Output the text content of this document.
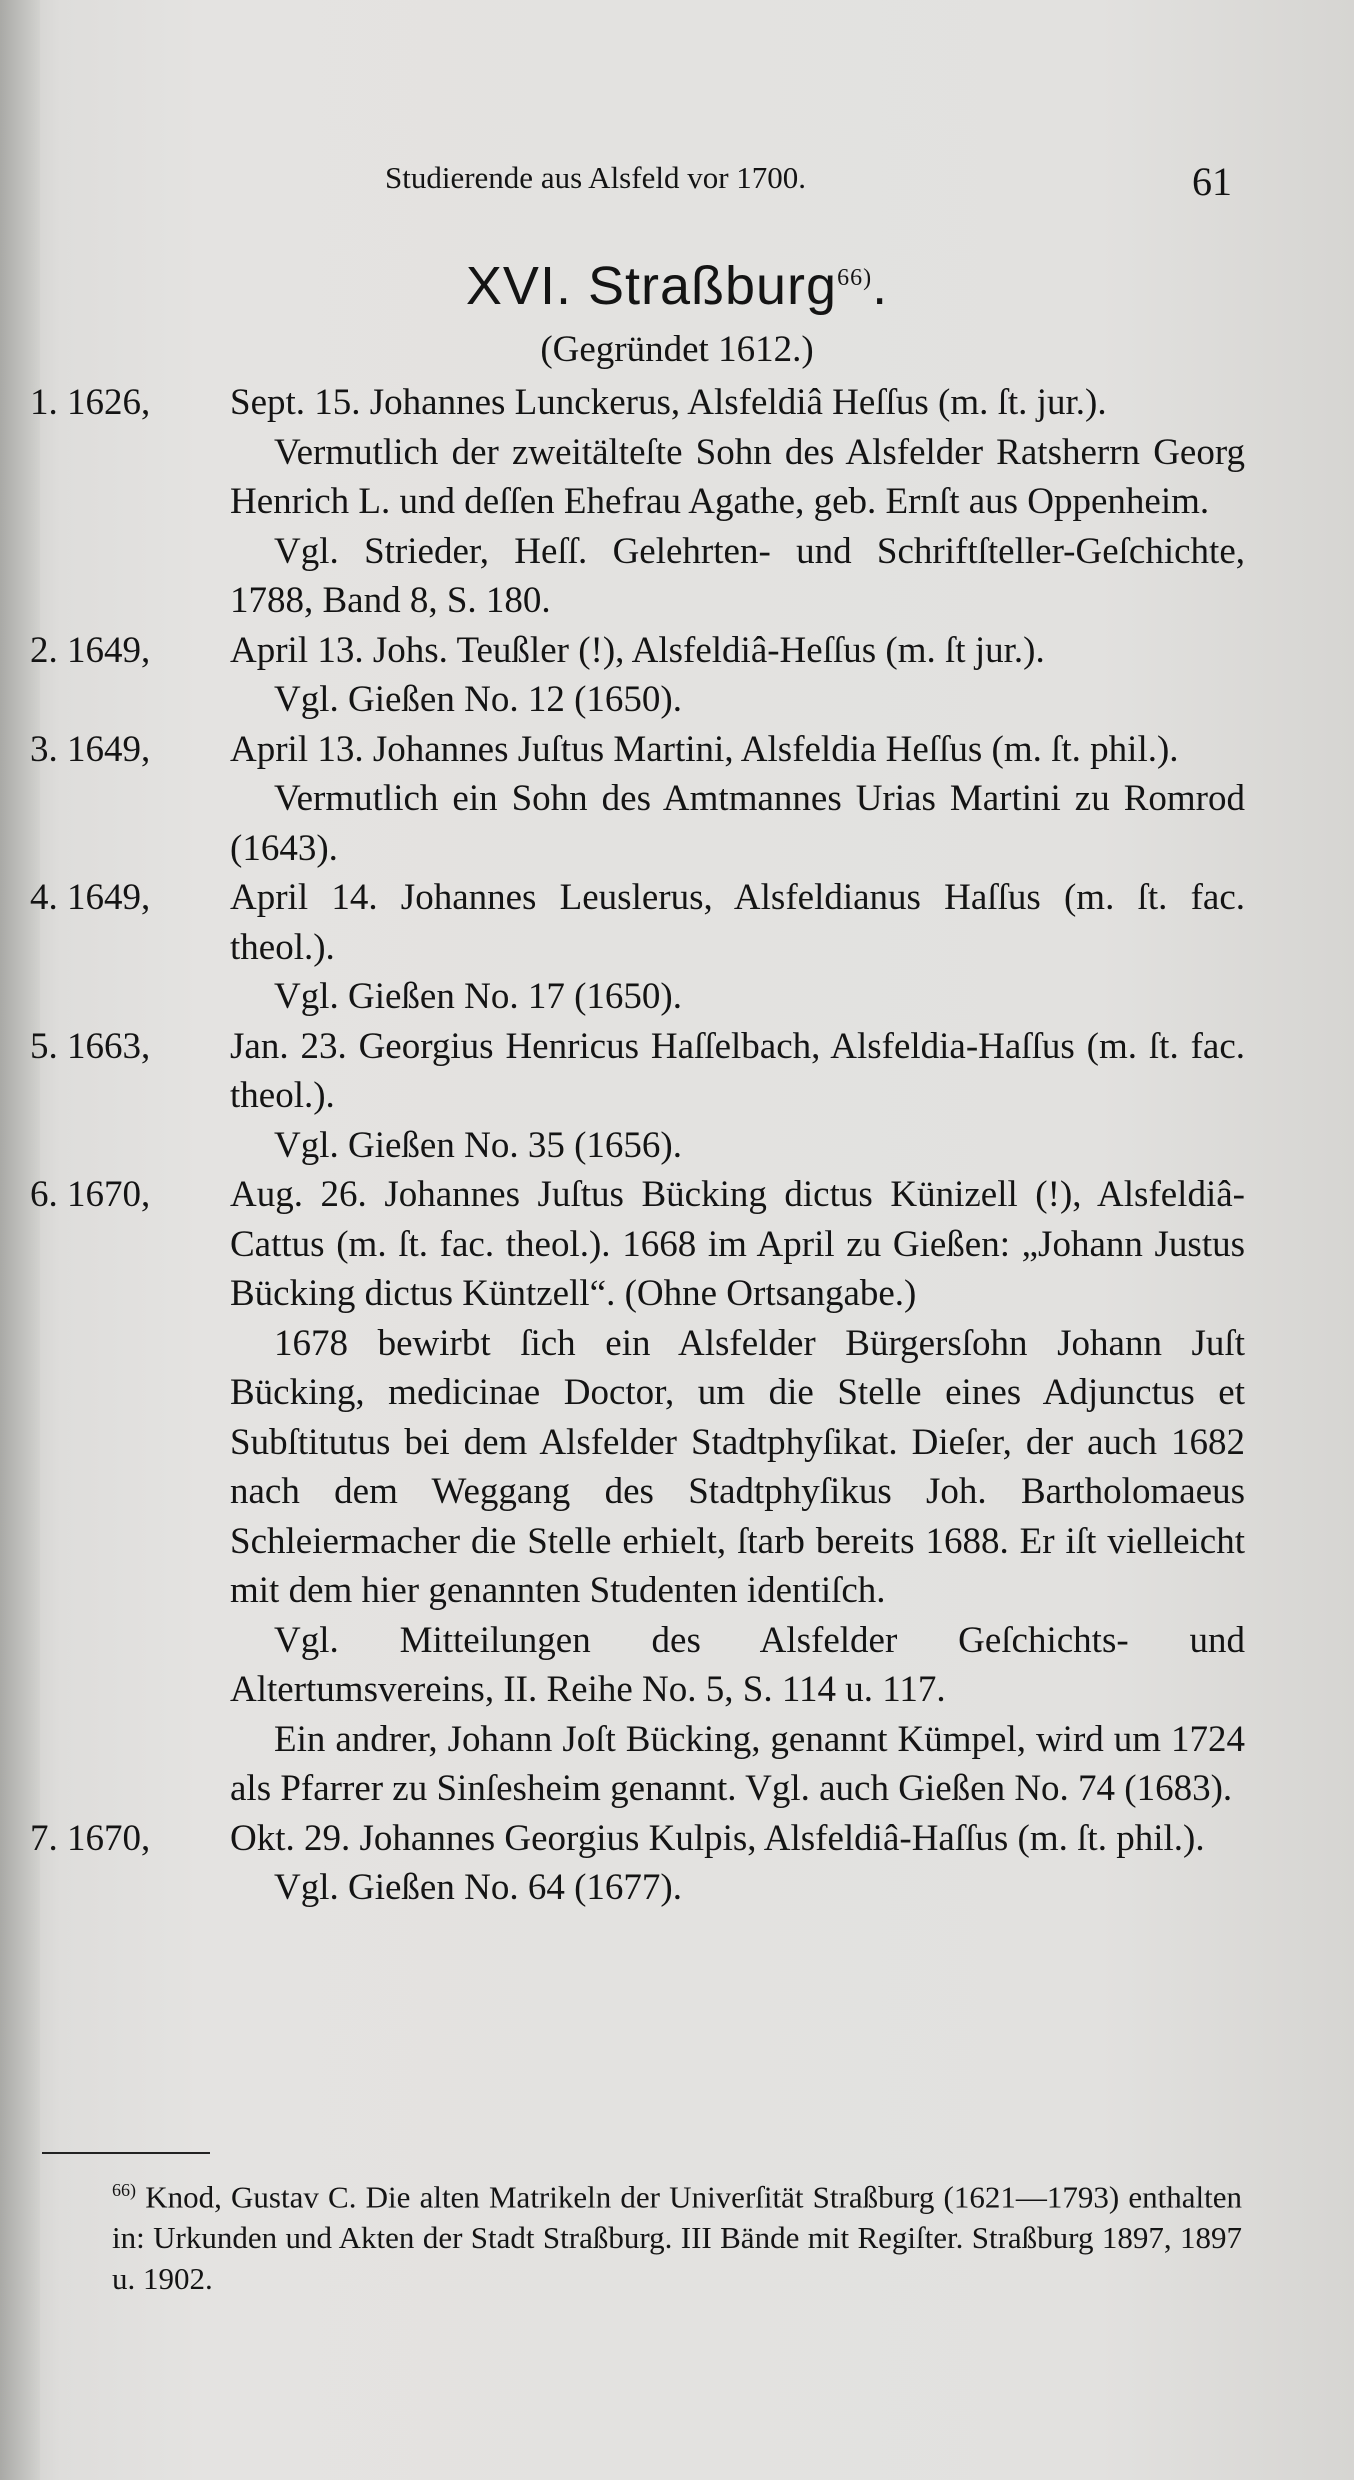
Studierende aus Alsfeld vor 1700.	61
XVI. Straßburg$^{66)}$.
(Gegründet 1612.)
1. 1626,	Sept. 15. Johannes Lunckerus, Alsfeldiâ Heſſus (m. ſt. jur.).

Vermutlich der zweitälteſte Sohn des Alsfelder Ratsherrn Georg Henrich L. und deſſen Ehefrau Agathe, geb. Ernſt aus Oppenheim.

Vgl. Strieder, Heſſ. Gelehrten- und Schriftſteller-Geſchichte, 1788, Band 8, S. 180.

2. 1649,	April 13. Johs. Teußler (!), Alsfeldiâ-Heſſus (m. ſt jur.).

Vgl. Gießen No. 12 (1650).

3. 1649,	April 13. Johannes Juſtus Martini, Alsfeldia Heſſus (m. ſt. phil.).

Vermutlich ein Sohn des Amtmannes Urias Martini zu Romrod (1643).

4. 1649,	April 14. Johannes Leuslerus, Alsfeldianus Haſſus (m. ſt. fac. theol.).

Vgl. Gießen No. 17 (1650).

5. 1663,	Jan. 23. Georgius Henricus Haſſelbach, Alsfeldia-Haſſus (m. ſt. fac. theol.).

Vgl. Gießen No. 35 (1656).

6. 1670,	Aug. 26. Johannes Juſtus Bücking dictus Künizell (!), Alsfeldiâ-Cattus (m. ſt. fac. theol.). 1668 im April zu Gießen: „Johann Justus Bücking dictus Küntzell“. (Ohne Ortsangabe.)

1678 bewirbt ſich ein Alsfelder Bürgersſohn Johann Juſt Bücking, medicinae Doctor, um die Stelle eines Adjunctus et Subſtitutus bei dem Alsfelder Stadtphyſikat. Dieſer, der auch 1682 nach dem Weggang des Stadtphyſikus Joh. Bartholomaeus Schleiermacher die Stelle erhielt, ſtarb bereits 1688. Er iſt vielleicht mit dem hier genannten Studenten identiſch.

Vgl. Mitteilungen des Alsfelder Geſchichts- und Altertumsvereins, II. Reihe No. 5, S. 114 u. 117.

Ein andrer, Johann Joſt Bücking, genannt Kümpel, wird um 1724 als Pfarrer zu Sinſesheim genannt. Vgl. auch Gießen No. 74 (1683).

7. 1670,	Okt. 29. Johannes Georgius Kulpis, Alsfeldiâ-Haſſus (m. ſt. phil.).

Vgl. Gießen No. 64 (1677).

$^{66)}$ Knod, Gustav C. Die alten Matrikeln der Univerſität Straßburg (1621—1793) enthalten in: Urkunden und Akten der Stadt Straßburg. III Bände mit Regiſter. Straßburg 1897, 1897 u. 1902.
